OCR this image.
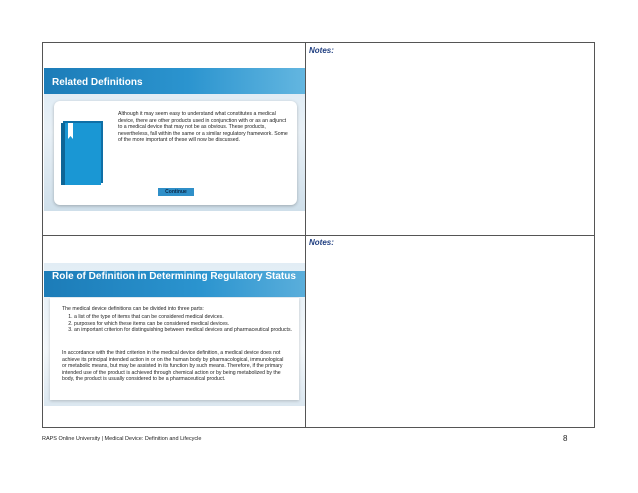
Notes:
Notes:
Related Definitions
Although it may seem easy to understand what constitutes a medical device, there are other products used in conjunction with or as an adjunct to a medical device that may not be as obvious. These products, nevertheless, fall within the same or a similar regulatory framework. Some of the more important of these will now be discussed.
Continue
Role of Definition in Determining Regulatory Status
The medical device definitions can be divided into three parts:
1. a list of the type of items that can be considered medical devices.
2. purposes for which these items can be considered medical devices.
3. an important criterion for distinguishing between medical devices and pharmaceutical products.
In accordance with the third criterion in the medical device definition, a medical device does not achieve its principal intended action in or on the human body by pharmacological, immunological or metabolic means, but may be assisted in its function by such means. Therefore, if the primary intended use of the product is achieved through chemical action or by being metabolized by the body, the product is usually considered to be a pharmaceutical product.
RAPS Online University | Medical Device: Definition and Lifecycle	8
